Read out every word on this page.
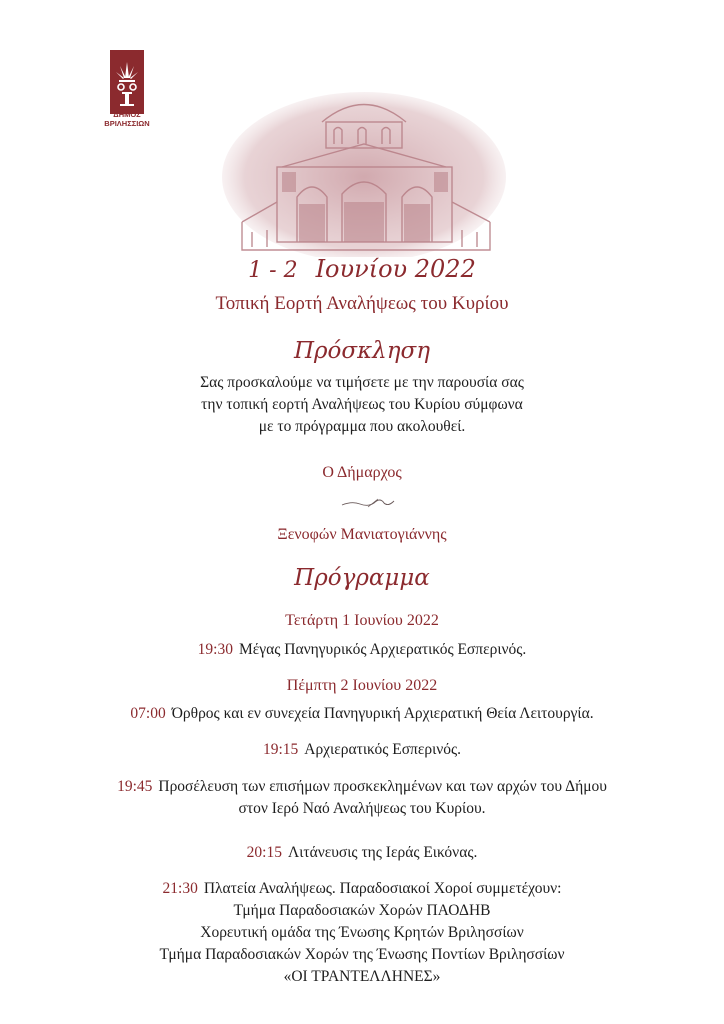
ΔΗΜΟΣ
ΒΡΙΛΗΣΣΙΩΝ
1 - 2 Ιουνίου 2022
Τοπική Εορτή Αναλήψεως του Κυρίου
Πρόσκληση
Σας προσκαλούμε να τιμήσετε με την παρουσία σας
την τοπική εορτή Αναλήψεως του Κυρίου σύμφωνα
με το πρόγραμμα που ακολουθεί.
Ο Δήμαρχος
Ξενοφών Μανιατογιάννης
Πρόγραμμα
Τετάρτη 1 Ιουνίου 2022
19:30 Μέγας Πανηγυρικός Αρχιερατικός Εσπερινός.
Πέμπτη 2 Ιουνίου 2022
07:00 Όρθρος και εν συνεχεία Πανηγυρική Αρχιερατική Θεία Λειτουργία.
19:15 Αρχιερατικός Εσπερινός.
19:45 Προσέλευση των επισήμων προσκεκλημένων και των αρχών του Δήμου
στον Ιερό Ναό Αναλήψεως του Κυρίου.
20:15 Λιτάνευσις της Ιεράς Εικόνας.
21:30 Πλατεία Αναλήψεως. Παραδοσιακοί Χοροί συμμετέχουν:
Τμήμα Παραδοσιακών Χορών ΠΑΟΔΗΒ
Χορευτική ομάδα της Ένωσης Κρητών Βριλησσίων
Τμήμα Παραδοσιακών Χορών της Ένωσης Ποντίων Βριλησσίων
«ΟΙ ΤΡΑΝΤΕΛΛΗΝΕΣ»
